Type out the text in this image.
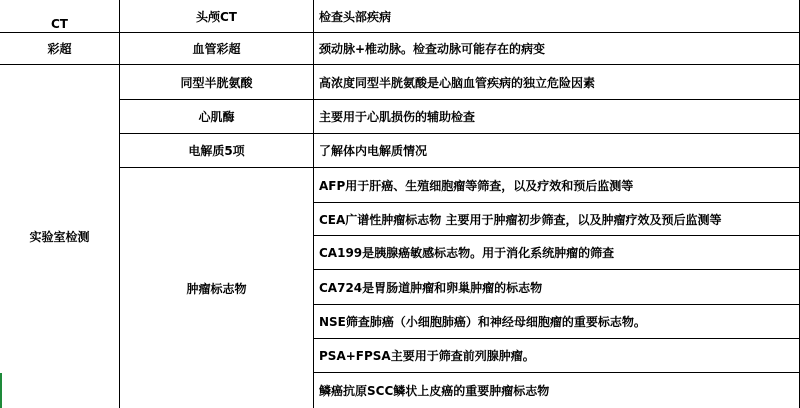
CT
彩超
实验室检测
头颅CT
血管彩超
同型半胱氨酸
心肌酶
电解质5项
肿瘤标志物
检查头部疾病
颈动脉+椎动脉。检查动脉可能存在的病变
高浓度同型半胱氨酸是心脑血管疾病的独立危险因素
主要用于心肌损伤的辅助检查
了解体内电解质情况
AFP用于肝癌、生殖细胞瘤等筛查，以及疗效和预后监测等
CEA广谱性肿瘤标志物 主要用于肿瘤初步筛查，以及肿瘤疗效及预后监测等
CA199是胰腺癌敏感标志物。用于消化系统肿瘤的筛查
CA724是胃肠道肿瘤和卵巢肿瘤的标志物
NSE筛查肺癌（小细胞肺癌）和神经母细胞瘤的重要标志物。
PSA+FPSA主要用于筛查前列腺肿瘤。
鳞癌抗原SCC鳞状上皮癌的重要肿瘤标志物
